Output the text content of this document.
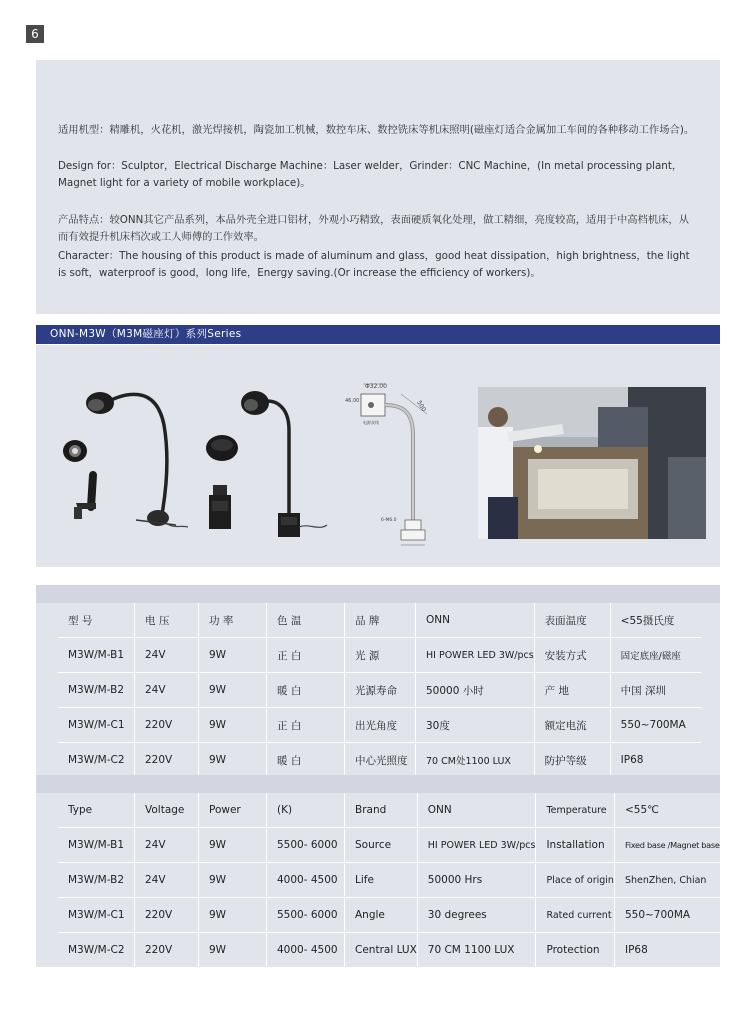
6

适用机型：精雕机，火花机，激光焊接机，陶瓷加工机械，数控车床、数控铣床等机床照明(磁座灯适合金属加工车间的各种移动工作场合)。

Design for：Sculptor，Electrical Discharge Machine：Laser welder，Grinder：CNC Machine，(In metal processing plant，Magnet light for a variety of mobile workplace)。

产品特点：较ONN其它产品系列，本品外壳全进口铝材，外观小巧精致，表面硬质氧化处理，做工精细，亮度较高，适用于中高档机床，从而有效提升机床档次或工人师傅的工作效率。

Character：The housing of this product is made of aluminum and glass，good heat dissipation，high brightness，the light is soft，waterproof is good，long life，Energy saving.(Or increase the efficiency of workers)。

ONN-M3W（M3M磁座灯）系列Series
Φ32.00
46.00
电源灰线
500
6-M6.0
型 号	电 压	功 率	色 温	品 牌	ONN	表面温度	<55摄氏度
M3W/M-B1	24V	9W	正 白	光 源	HI POWER LED 3W/pcs	安装方式	固定底座/磁座
M3W/M-B2	24V	9W	暖 白	光源寿命	50000 小时	产 地	中国 深圳
M3W/M-C1	220V	9W	正 白	出光角度	30度	额定电流	550~700MA
M3W/M-C2	220V	9W	暖 白	中心光照度	70 CM处1100 LUX	防护等级	IP68
Type	Voltage	Power	(K)	Brand	ONN	Temperature	<55℃
M3W/M-B1	24V	9W	5500- 6000	Source	HI POWER LED 3W/pcs	Installation	Fixed base /Magnet base
M3W/M-B2	24V	9W	4000- 4500	Life	50000 Hrs	Place of origin	ShenZhen, Chian
M3W/M-C1	220V	9W	5500- 6000	Angle	30 degrees	Rated current	550~700MA
M3W/M-C2	220V	9W	4000- 4500	Central LUX	70 CM 1100 LUX	Protection	IP68
